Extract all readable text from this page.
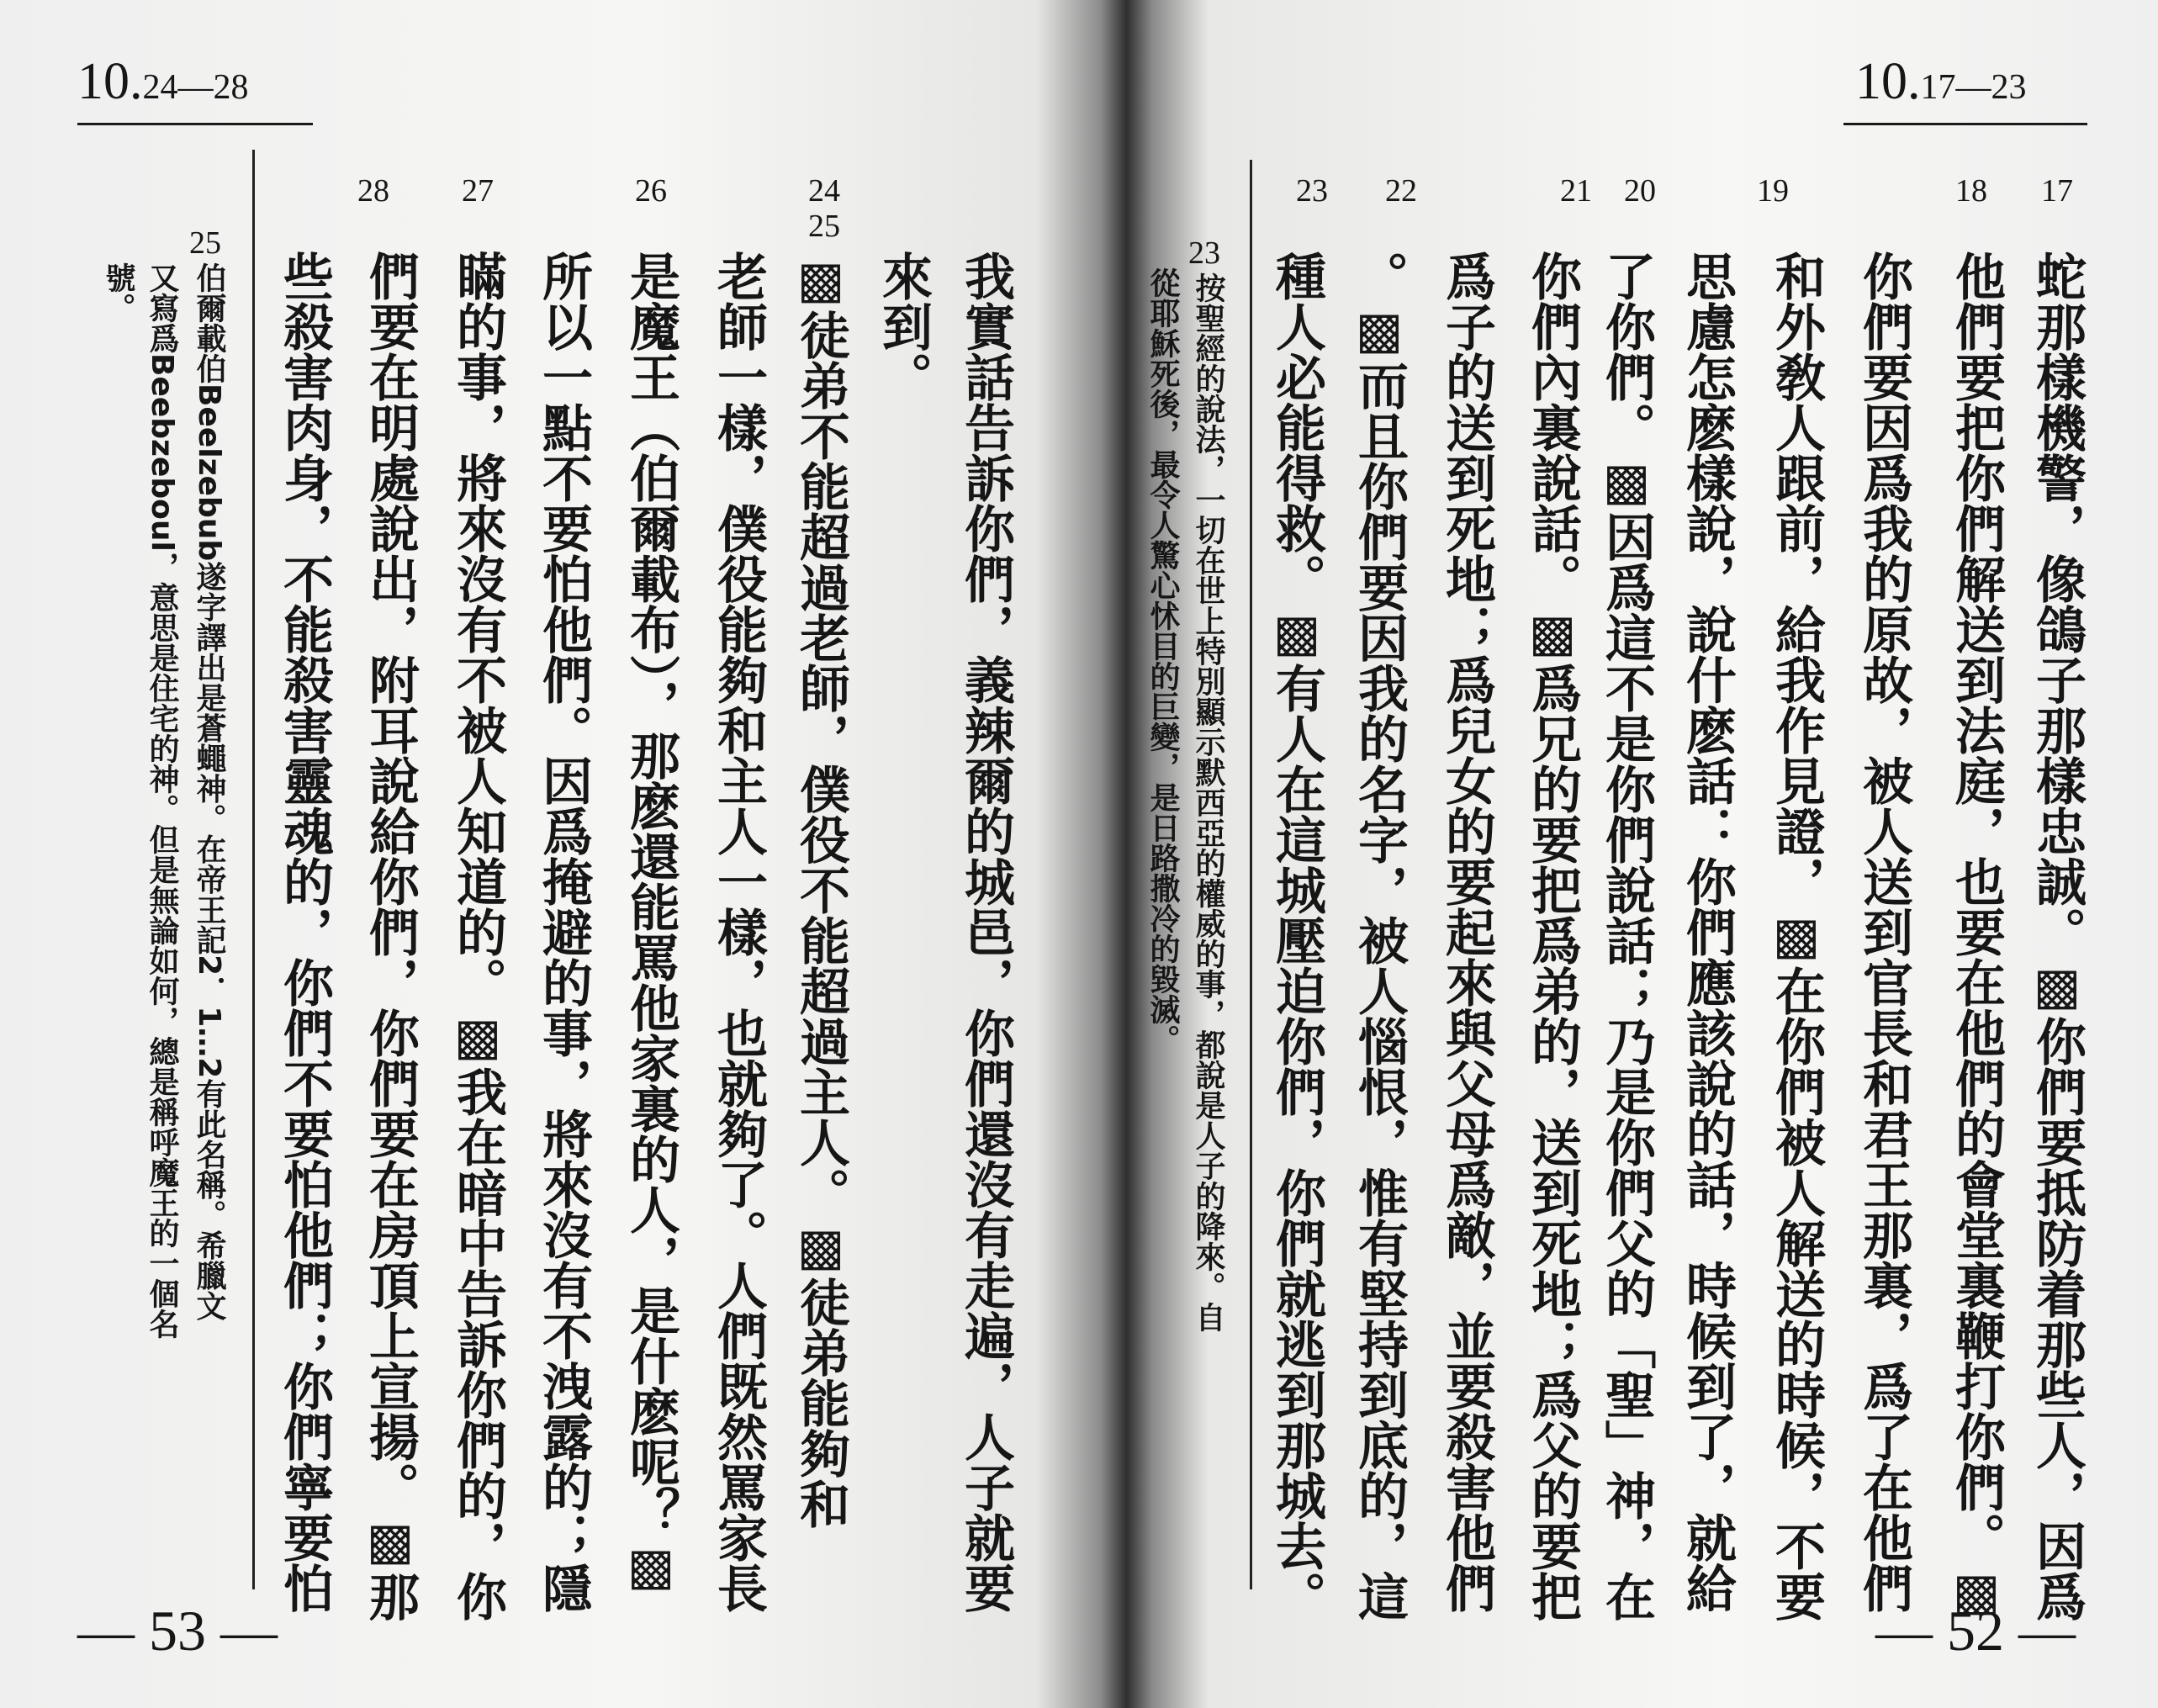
10.24—28
28	27	26	24
25
我實話告訴你們，義辣爾的城邑，你們還沒有走遍，人子就要
來到。
▩徒弟不能超過老師，僕役不能超過主人。▩徒弟能夠和
老師一樣，僕役能夠和主人一樣，也就夠了。人們既然罵家長
是魔王（伯爾載布），那麽還能罵他家裏的人，是什麽呢？▩
所以一點不要怕他們。因爲掩避的事，將來沒有不洩露的；隱
瞞的事，將來沒有不被人知道的。▩我在暗中告訴你們的，你
們要在明處說出，附耳說給你們，你們要在房頂上宣揚。▩那
些殺害肉身，不能殺害靈魂的，你們不要怕他們；你們寧要怕
25
伯爾載伯Beelzebub遂字譯出是蒼蠅神。在帝王記2．1…2有此名稱。希臘文
又寫爲Beebzeboul，意思是住宅的神。但是無論如何，總是稱呼魔王的一個名
號。
— 53 —
10.17—23
23	22	21	20	19	18	17
蛇那樣機警，像鴿子那樣忠誠。▩你們要抵防着那些人，因爲
他們要把你們解送到法庭，也要在他們的會堂裏鞭打你們。▩
你們要因爲我的原故，被人送到官長和君王那裏，爲了在他們
和外敎人跟前，給我作見證，▩在你們被人解送的時候，不要
思慮怎麽樣說，說什麽話：你們應該說的話，時候到了，就給
了你們。▩因爲這不是你們說話；乃是你們父的「聖」神，在
你們內裏說話。▩爲兄的要把爲弟的，送到死地；爲父的要把
爲子的送到死地；爲兒女的要起來與父母爲敵，並要殺害他們
。▩而且你們要因我的名字，被人惱恨，惟有堅持到底的，這
種人必能得救。▩有人在這城壓迫你們，你們就逃到那城去。
23
按聖經的說法，一切在世上特別顯示默西亞的權威的事，都說是人子的降來。自
從耶穌死後，最令人驚心怵目的巨變，是日路撒冷的毀滅。
— 52 —
